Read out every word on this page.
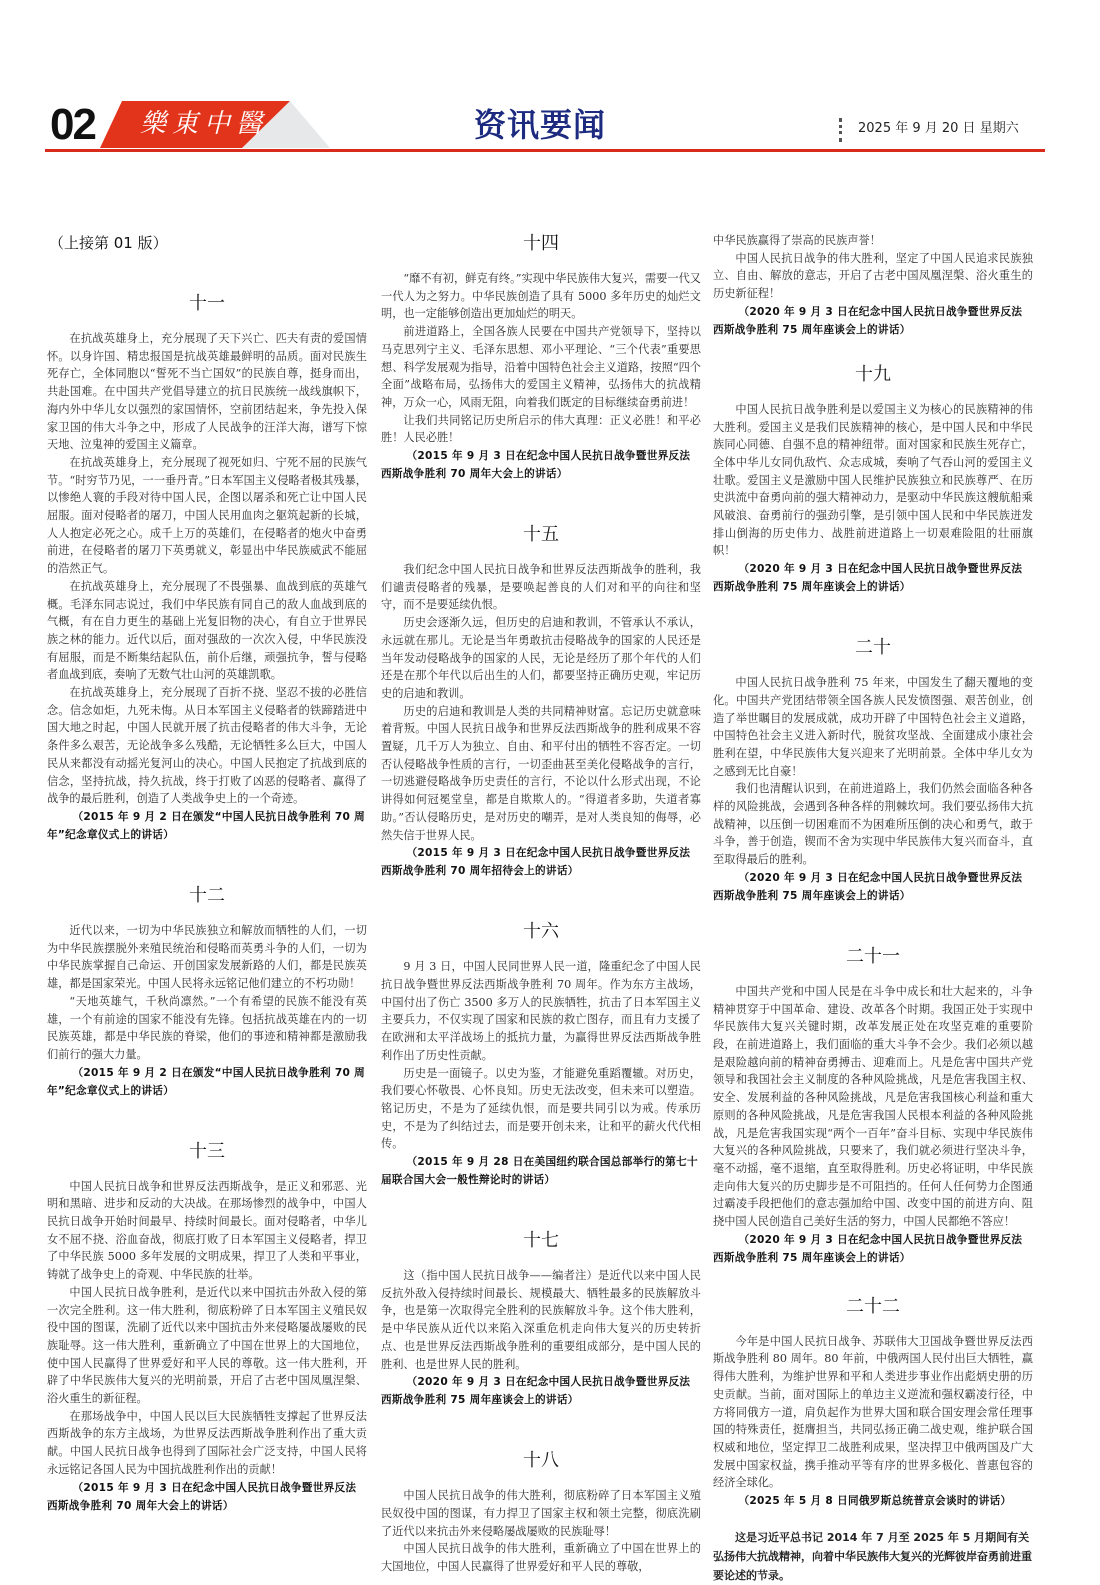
02 樂東中醫	资讯要闻	2025 年 9 月 20 日 星期六
（上接第 01 版）
十一

在抗战英雄身上，充分展现了天下兴亡、匹夫有责的爱国情怀。以身许国、精忠报国是抗战英雄最鲜明的品质。面对民族生死存亡，全体同胞以“誓死不当亡国奴”的民族自尊，挺身而出，共赴国难。在中国共产党倡导建立的抗日民族统一战线旗帜下，海内外中华儿女以强烈的家国情怀，空前团结起来，争先投入保家卫国的伟大斗争之中，形成了人民战争的汪洋大海，谱写下惊天地、泣鬼神的爱国主义篇章。

在抗战英雄身上，充分展现了视死如归、宁死不屈的民族气节。“时穷节乃见，一一垂丹青。”日本军国主义侵略者极其残暴，以惨绝人寰的手段对待中国人民，企图以屠杀和死亡让中国人民屈服。面对侵略者的屠刀，中国人民用血肉之躯筑起新的长城，人人抱定必死之心。成千上万的英雄们，在侵略者的炮火中奋勇前进，在侵略者的屠刀下英勇就义，彰显出中华民族威武不能屈的浩然正气。

在抗战英雄身上，充分展现了不畏强暴、血战到底的英雄气概。毛泽东同志说过，我们中华民族有同自己的敌人血战到底的气概，有在自力更生的基础上光复旧物的决心，有自立于世界民族之林的能力。近代以后，面对强敌的一次次入侵，中华民族没有屈服，而是不断集结起队伍，前仆后继，顽强抗争，誓与侵略者血战到底，奏响了无数气壮山河的英雄凯歌。

在抗战英雄身上，充分展现了百折不挠、坚忍不拔的必胜信念。信念如炬，九死未悔。从日本军国主义侵略者的铁蹄踏进中国大地之时起，中国人民就开展了抗击侵略者的伟大斗争，无论条件多么艰苦，无论战争多么残酷，无论牺牲多么巨大，中国人民从来都没有动摇光复河山的决心。中国人民抱定了抗战到底的信念，坚持抗战，持久抗战，终于打败了凶恶的侵略者、赢得了战争的最后胜利，创造了人类战争史上的一个奇迹。

（2015 年 9 月 2 日在颁发“中国人民抗日战争胜利 70 周年”纪念章仪式上的讲话）

十二

近代以来，一切为中华民族独立和解放而牺牲的人们，一切为中华民族摆脱外来殖民统治和侵略而英勇斗争的人们，一切为中华民族掌握自己命运、开创国家发展新路的人们，都是民族英雄，都是国家荣光。中国人民将永远铭记他们建立的不朽功勋！

“天地英雄气，千秋尚凛然。”一个有希望的民族不能没有英雄，一个有前途的国家不能没有先锋。包括抗战英雄在内的一切民族英雄，都是中华民族的脊梁，他们的事迹和精神都是激励我们前行的强大力量。

（2015 年 9 月 2 日在颁发“中国人民抗日战争胜利 70 周年”纪念章仪式上的讲话）

十三

中国人民抗日战争和世界反法西斯战争，是正义和邪恶、光明和黑暗、进步和反动的大决战。在那场惨烈的战争中，中国人民抗日战争开始时间最早、持续时间最长。面对侵略者，中华儿女不屈不挠、浴血奋战，彻底打败了日本军国主义侵略者，捍卫了中华民族 5000 多年发展的文明成果，捍卫了人类和平事业，铸就了战争史上的奇观、中华民族的壮举。

中国人民抗日战争胜利，是近代以来中国抗击外敌入侵的第一次完全胜利。这一伟大胜利，彻底粉碎了日本军国主义殖民奴役中国的图谋，洗刷了近代以来中国抗击外来侵略屡战屡败的民族耻辱。这一伟大胜利，重新确立了中国在世界上的大国地位，使中国人民赢得了世界爱好和平人民的尊敬。这一伟大胜利，开辟了中华民族伟大复兴的光明前景，开启了古老中国凤凰涅槃、浴火重生的新征程。

在那场战争中，中国人民以巨大民族牺牲支撑起了世界反法西斯战争的东方主战场，为世界反法西斯战争胜利作出了重大贡献。中国人民抗日战争也得到了国际社会广泛支持，中国人民将永远铭记各国人民为中国抗战胜利作出的贡献！

（2015 年 9 月 3 日在纪念中国人民抗日战争暨世界反法西斯战争胜利 70 周年大会上的讲话）

十四

“靡不有初，鲜克有终。”实现中华民族伟大复兴，需要一代又一代人为之努力。中华民族创造了具有 5000 多年历史的灿烂文明，也一定能够创造出更加灿烂的明天。

前进道路上，全国各族人民要在中国共产党领导下，坚持以马克思列宁主义、毛泽东思想、邓小平理论、“三个代表”重要思想、科学发展观为指导，沿着中国特色社会主义道路，按照“四个全面”战略布局，弘扬伟大的爱国主义精神，弘扬伟大的抗战精神，万众一心，风雨无阻，向着我们既定的目标继续奋勇前进！

让我们共同铭记历史所启示的伟大真理：正义必胜！和平必胜！人民必胜！

（2015 年 9 月 3 日在纪念中国人民抗日战争暨世界反法西斯战争胜利 70 周年大会上的讲话）

十五

我们纪念中国人民抗日战争和世界反法西斯战争的胜利，我们谴责侵略者的残暴，是要唤起善良的人们对和平的向往和坚守，而不是要延续仇恨。

历史会逐渐久远，但历史的启迪和教训，不管承认不承认，永远就在那儿。无论是当年勇敢抗击侵略战争的国家的人民还是当年发动侵略战争的国家的人民，无论是经历了那个年代的人们还是在那个年代以后出生的人们，都要坚持正确历史观，牢记历史的启迪和教训。

历史的启迪和教训是人类的共同精神财富。忘记历史就意味着背叛。中国人民抗日战争和世界反法西斯战争的胜利成果不容置疑，几千万人为独立、自由、和平付出的牺牲不容否定。一切否认侵略战争性质的言行，一切歪曲甚至美化侵略战争的言行，一切逃避侵略战争历史责任的言行，不论以什么形式出现，不论讲得如何冠冕堂皇，都是自欺欺人的。“得道者多助，失道者寡助。”否认侵略历史，是对历史的嘲弄，是对人类良知的侮辱，必然失信于世界人民。

（2015 年 9 月 3 日在纪念中国人民抗日战争暨世界反法西斯战争胜利 70 周年招待会上的讲话）

十六

9 月 3 日，中国人民同世界人民一道，隆重纪念了中国人民抗日战争暨世界反法西斯战争胜利 70 周年。作为东方主战场，中国付出了伤亡 3500 多万人的民族牺牲，抗击了日本军国主义主要兵力，不仅实现了国家和民族的救亡图存，而且有力支援了在欧洲和太平洋战场上的抵抗力量，为赢得世界反法西斯战争胜利作出了历史性贡献。

历史是一面镜子。以史为鉴，才能避免重蹈覆辙。对历史，我们要心怀敬畏、心怀良知。历史无法改变，但未来可以塑造。铭记历史，不是为了延续仇恨，而是要共同引以为戒。传承历史，不是为了纠结过去，而是要开创未来，让和平的薪火代代相传。

（2015 年 9 月 28 日在美国纽约联合国总部举行的第七十届联合国大会一般性辩论时的讲话）

十七

这（指中国人民抗日战争——编者注）是近代以来中国人民反抗外敌入侵持续时间最长、规模最大、牺牲最多的民族解放斗争，也是第一次取得完全胜利的民族解放斗争。这个伟大胜利，是中华民族从近代以来陷入深重危机走向伟大复兴的历史转折点、也是世界反法西斯战争胜利的重要组成部分，是中国人民的胜利、也是世界人民的胜利。

（2020 年 9 月 3 日在纪念中国人民抗日战争暨世界反法西斯战争胜利 75 周年座谈会上的讲话）

十八

中国人民抗日战争的伟大胜利，彻底粉碎了日本军国主义殖民奴役中国的图谋，有力捍卫了国家主权和领土完整，彻底洗刷了近代以来抗击外来侵略屡战屡败的民族耻辱！

中国人民抗日战争的伟大胜利，重新确立了中国在世界上的大国地位，中国人民赢得了世界爱好和平人民的尊敬，

中华民族赢得了崇高的民族声誉！

中国人民抗日战争的伟大胜利，坚定了中国人民追求民族独立、自由、解放的意志，开启了古老中国凤凰涅槃、浴火重生的历史新征程！

（2020 年 9 月 3 日在纪念中国人民抗日战争暨世界反法西斯战争胜利 75 周年座谈会上的讲话）

十九

中国人民抗日战争胜利是以爱国主义为核心的民族精神的伟大胜利。爱国主义是我们民族精神的核心，是中国人民和中华民族同心同德、自强不息的精神纽带。面对国家和民族生死存亡，全体中华儿女同仇敌忾、众志成城，奏响了气吞山河的爱国主义壮歌。爱国主义是激励中国人民维护民族独立和民族尊严、在历史洪流中奋勇向前的强大精神动力，是驱动中华民族这艘航船乘风破浪、奋勇前行的强劲引擎，是引领中国人民和中华民族迸发排山倒海的历史伟力、战胜前进道路上一切艰难险阻的壮丽旗帜！

（2020 年 9 月 3 日在纪念中国人民抗日战争暨世界反法西斯战争胜利 75 周年座谈会上的讲话）

二十

中国人民抗日战争胜利 75 年来，中国发生了翻天覆地的变化。中国共产党团结带领全国各族人民发愤图强、艰苦创业，创造了举世瞩目的发展成就，成功开辟了中国特色社会主义道路，中国特色社会主义进入新时代，脱贫攻坚战、全面建成小康社会胜利在望，中华民族伟大复兴迎来了光明前景。全体中华儿女为之感到无比自豪！

我们也清醒认识到，在前进道路上，我们仍然会面临各种各样的风险挑战，会遇到各种各样的荆棘坎坷。我们要弘扬伟大抗战精神，以压倒一切困难而不为困难所压倒的决心和勇气，敢于斗争，善于创造，锲而不舍为实现中华民族伟大复兴而奋斗，直至取得最后的胜利。

（2020 年 9 月 3 日在纪念中国人民抗日战争暨世界反法西斯战争胜利 75 周年座谈会上的讲话）

二十一

中国共产党和中国人民是在斗争中成长和壮大起来的，斗争精神贯穿于中国革命、建设、改革各个时期。我国正处于实现中华民族伟大复兴关键时期，改革发展正处在攻坚克难的重要阶段，在前进道路上，我们面临的重大斗争不会少。我们必须以越是艰险越向前的精神奋勇搏击、迎难而上。凡是危害中国共产党领导和我国社会主义制度的各种风险挑战，凡是危害我国主权、安全、发展利益的各种风险挑战，凡是危害我国核心利益和重大原则的各种风险挑战，凡是危害我国人民根本利益的各种风险挑战，凡是危害我国实现“两个一百年”奋斗目标、实现中华民族伟大复兴的各种风险挑战，只要来了，我们就必须进行坚决斗争，毫不动摇，毫不退缩，直至取得胜利。历史必将证明，中华民族走向伟大复兴的历史脚步是不可阻挡的。任何人任何势力企图通过霸凌手段把他们的意志强加给中国、改变中国的前进方向、阻挠中国人民创造自己美好生活的努力，中国人民都绝不答应！

（2020 年 9 月 3 日在纪念中国人民抗日战争暨世界反法西斯战争胜利 75 周年座谈会上的讲话）

二十二

今年是中国人民抗日战争、苏联伟大卫国战争暨世界反法西斯战争胜利 80 周年。80 年前，中俄两国人民付出巨大牺牲，赢得伟大胜利，为维护世界和平和人类进步事业作出彪炳史册的历史贡献。当前，面对国际上的单边主义逆流和强权霸凌行径，中方将同俄方一道，肩负起作为世界大国和联合国安理会常任理事国的特殊责任，挺膺担当，共同弘扬正确二战史观，维护联合国权威和地位，坚定捍卫二战胜利成果，坚决捍卫中俄两国及广大发展中国家权益，携手推动平等有序的世界多极化、普惠包容的经济全球化。

（2025 年 5 月 8 日同俄罗斯总统普京会谈时的讲话）

这是习近平总书记 2014 年 7 月至 2025 年 5 月期间有关弘扬伟大抗战精神，向着中华民族伟大复兴的光辉彼岸奋勇前进重要论述的节录。
